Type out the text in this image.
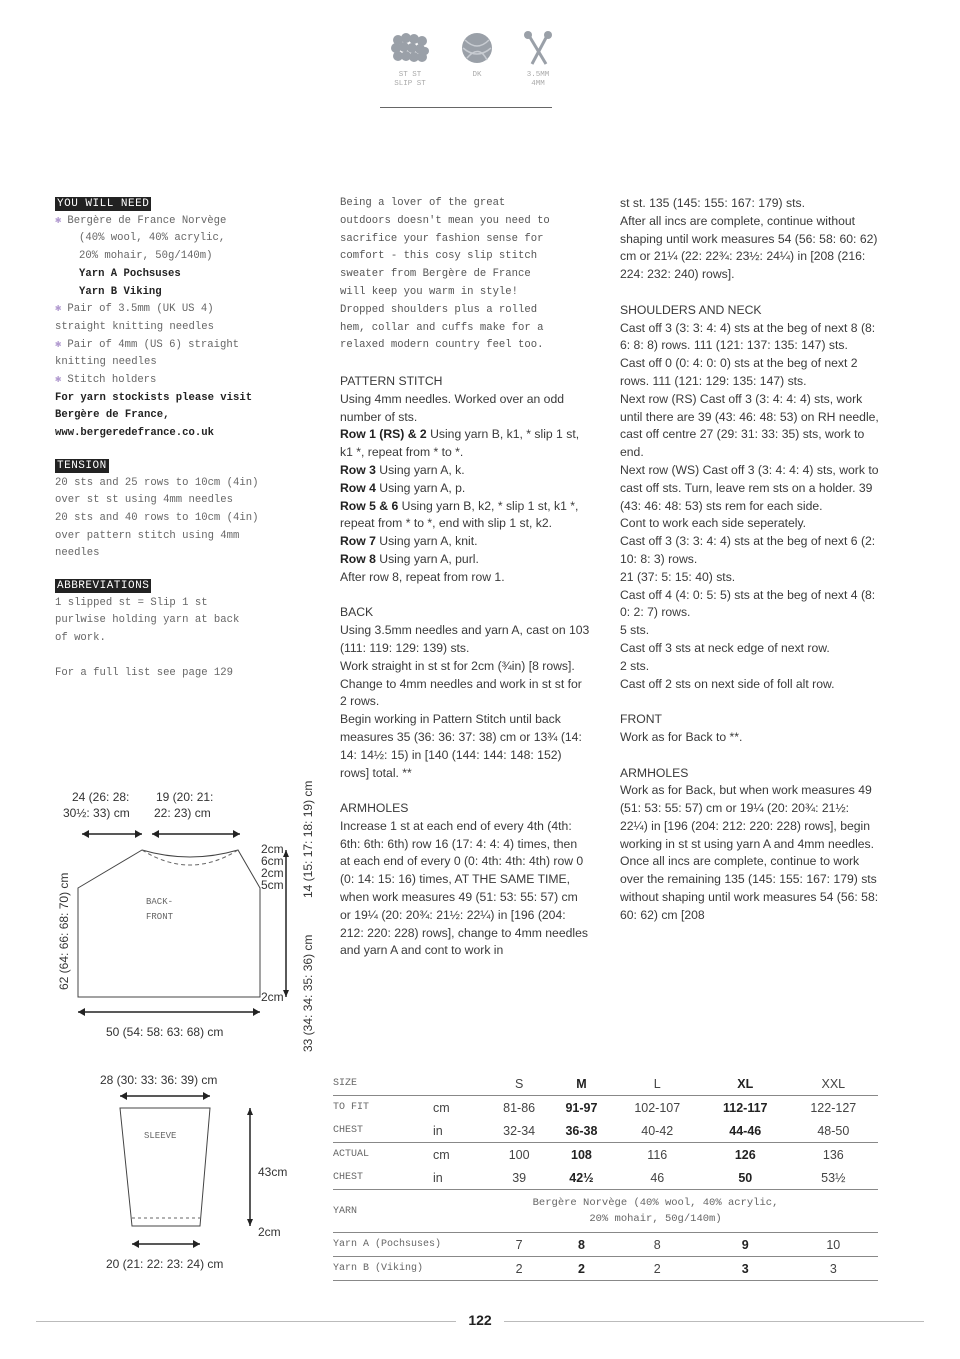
ST ST
SLIP ST
DK	3.5MM
4MM
YOU WILL NEED
✱ Bergère de France Norvège
(40% wool, 40% acrylic,
20% mohair, 50g/140m)
Yarn A Pochsuses
Yarn B Viking
✱ Pair of 3.5mm (UK US 4)
straight knitting needles
✱ Pair of 4mm (US 6) straight
knitting needles
✱ Stitch holders
For yarn stockists please visit
Bergère de France,
www.bergeredefrance.co.uk
TENSION
20 sts and 25 rows to 10cm (4in)
over st st using 4mm needles
20 sts and 40 rows to 10cm (4in)
over pattern stitch using 4mm
needles
ABBREVIATIONS
1 slipped st = Slip 1 st
purlwise holding yarn at back
of work.
For a full list see page 129
Being a lover of the great
outdoors doesn't mean you need to
sacrifice your fashion sense for
comfort - this cosy slip stitch
sweater from Bergère de France
will keep you warm in style!
Dropped shoulders plus a rolled
hem, collar and cuffs make for a
relaxed modern country feel too.
PATTERN STITCH

Using 4mm needles. Worked over an odd number of sts.

Row 1 (RS) & 2 Using yarn B, k1, * slip 1 st, k1 *, repeat from * to *.

Row 3 Using yarn A, k.

Row 4 Using yarn A, p.

Row 5 & 6 Using yarn B, k2, * slip 1 st, k1 *, repeat from * to *, end with slip 1 st, k2.

Row 7 Using yarn A, knit.

Row 8 Using yarn A, purl.

After row 8, repeat from row 1.

BACK

Using 3.5mm needles and yarn A, cast on 103 (111: 119: 129: 139) sts.

Work straight in st st for 2cm (¾in) [8 rows].

Change to 4mm needles and work in st st for 2 rows.

Begin working in Pattern Stitch until back measures 35 (36: 36: 37: 38) cm or 13¾ (14: 14: 14½: 15) in [140 (144: 144: 148: 152) rows] total. **

ARMHOLES

Increase 1 st at each end of every 4th (4th: 6th: 6th: 6th) row 16 (17: 4: 4: 4) times, then at each end of every 0 (0: 4th: 4th: 4th) row 0 (0: 14: 15: 16) times, AT THE SAME TIME, when work measures 49 (51: 53: 55: 57) cm or 19¼ (20: 20¾: 21½: 22¼) in [196 (204: 212: 220: 228) rows], change to 4mm needles and yarn A and cont to work in

st st. 135 (145: 155: 167: 179) sts.

After all incs are complete, continue without shaping until work measures 54 (56: 58: 60: 62) cm or 21¼ (22: 22¾: 23½: 24¼) in [208 (216: 224: 232: 240) rows].

SHOULDERS AND NECK

Cast off 3 (3: 3: 4: 4) sts at the beg of next 8 (8: 6: 8: 8) rows. 111 (121: 137: 135: 147) sts.

Cast off 0 (0: 4: 0: 0) sts at the beg of next 2 rows. 111 (121: 129: 135: 147) sts.

Next row (RS) Cast off 3 (3: 4: 4: 4) sts, work until there are 39 (43: 46: 48: 53) on RH needle, cast off centre 27 (29: 31: 33: 35) sts, work to end.

Next row (WS) Cast off 3 (3: 4: 4: 4) sts, work to cast off sts. Turn, leave rem sts on a holder. 39 (43: 46: 48: 53) sts rem for each side.

Cont to work each side seperately.

Cast off 3 (3: 3: 4: 4) sts at the beg of next 6 (2: 10: 8: 3) rows.

21 (37: 5: 15: 40) sts.

Cast off 4 (4: 0: 5: 5) sts at the beg of next 4 (8: 0: 2: 7) rows.

5 sts.

Cast off 3 sts at neck edge of next row.

2 sts.

Cast off 2 sts on next side of foll alt row.

FRONT

Work as for Back to **.

ARMHOLES

Work as for Back, but when work measures 49 (51: 53: 55: 57) cm or 19¼ (20: 20¾: 21½: 22¼) in [196 (204: 212: 220: 228) rows], begin working in st st using yarn A and 4mm needles.

Once all incs are complete, continue to work over the remaining 135 (145: 155: 167: 179) sts without shaping until work measures 54 (56: 58: 60: 62) cm [208

24 (26: 28:
30½: 33) cm
19 (20: 21:
22: 23) cm
BACK-
FRONT
2cm
6cm
2cm
5cm
2cm
14 (15: 17: 18: 19) cm
33 (34: 34: 35: 36) cm
62 (64: 66: 68: 70) cm
50 (54: 58: 63: 68) cm
28 (30: 33: 36: 39) cm
SLEEVE
43cm
2cm
20 (21: 22: 23: 24) cm
SIZE		S	M	L	XL	XXL
TO FIT	cm	81-86	91-97	102-107	112-117	122-127
CHEST	in	32-34	36-38	40-42	44-46	48-50
ACTUAL	cm	100	108	116	126	136
CHEST	in	39	42½	46	50	53½
YARN	Bergère Norvège (40% wool, 40% acrylic,
20% mohair, 50g/140m)					

Yarn A (Pochsuses)		7	8	8	9	10
Yarn B (Viking)		2	2	2	3	3
122
